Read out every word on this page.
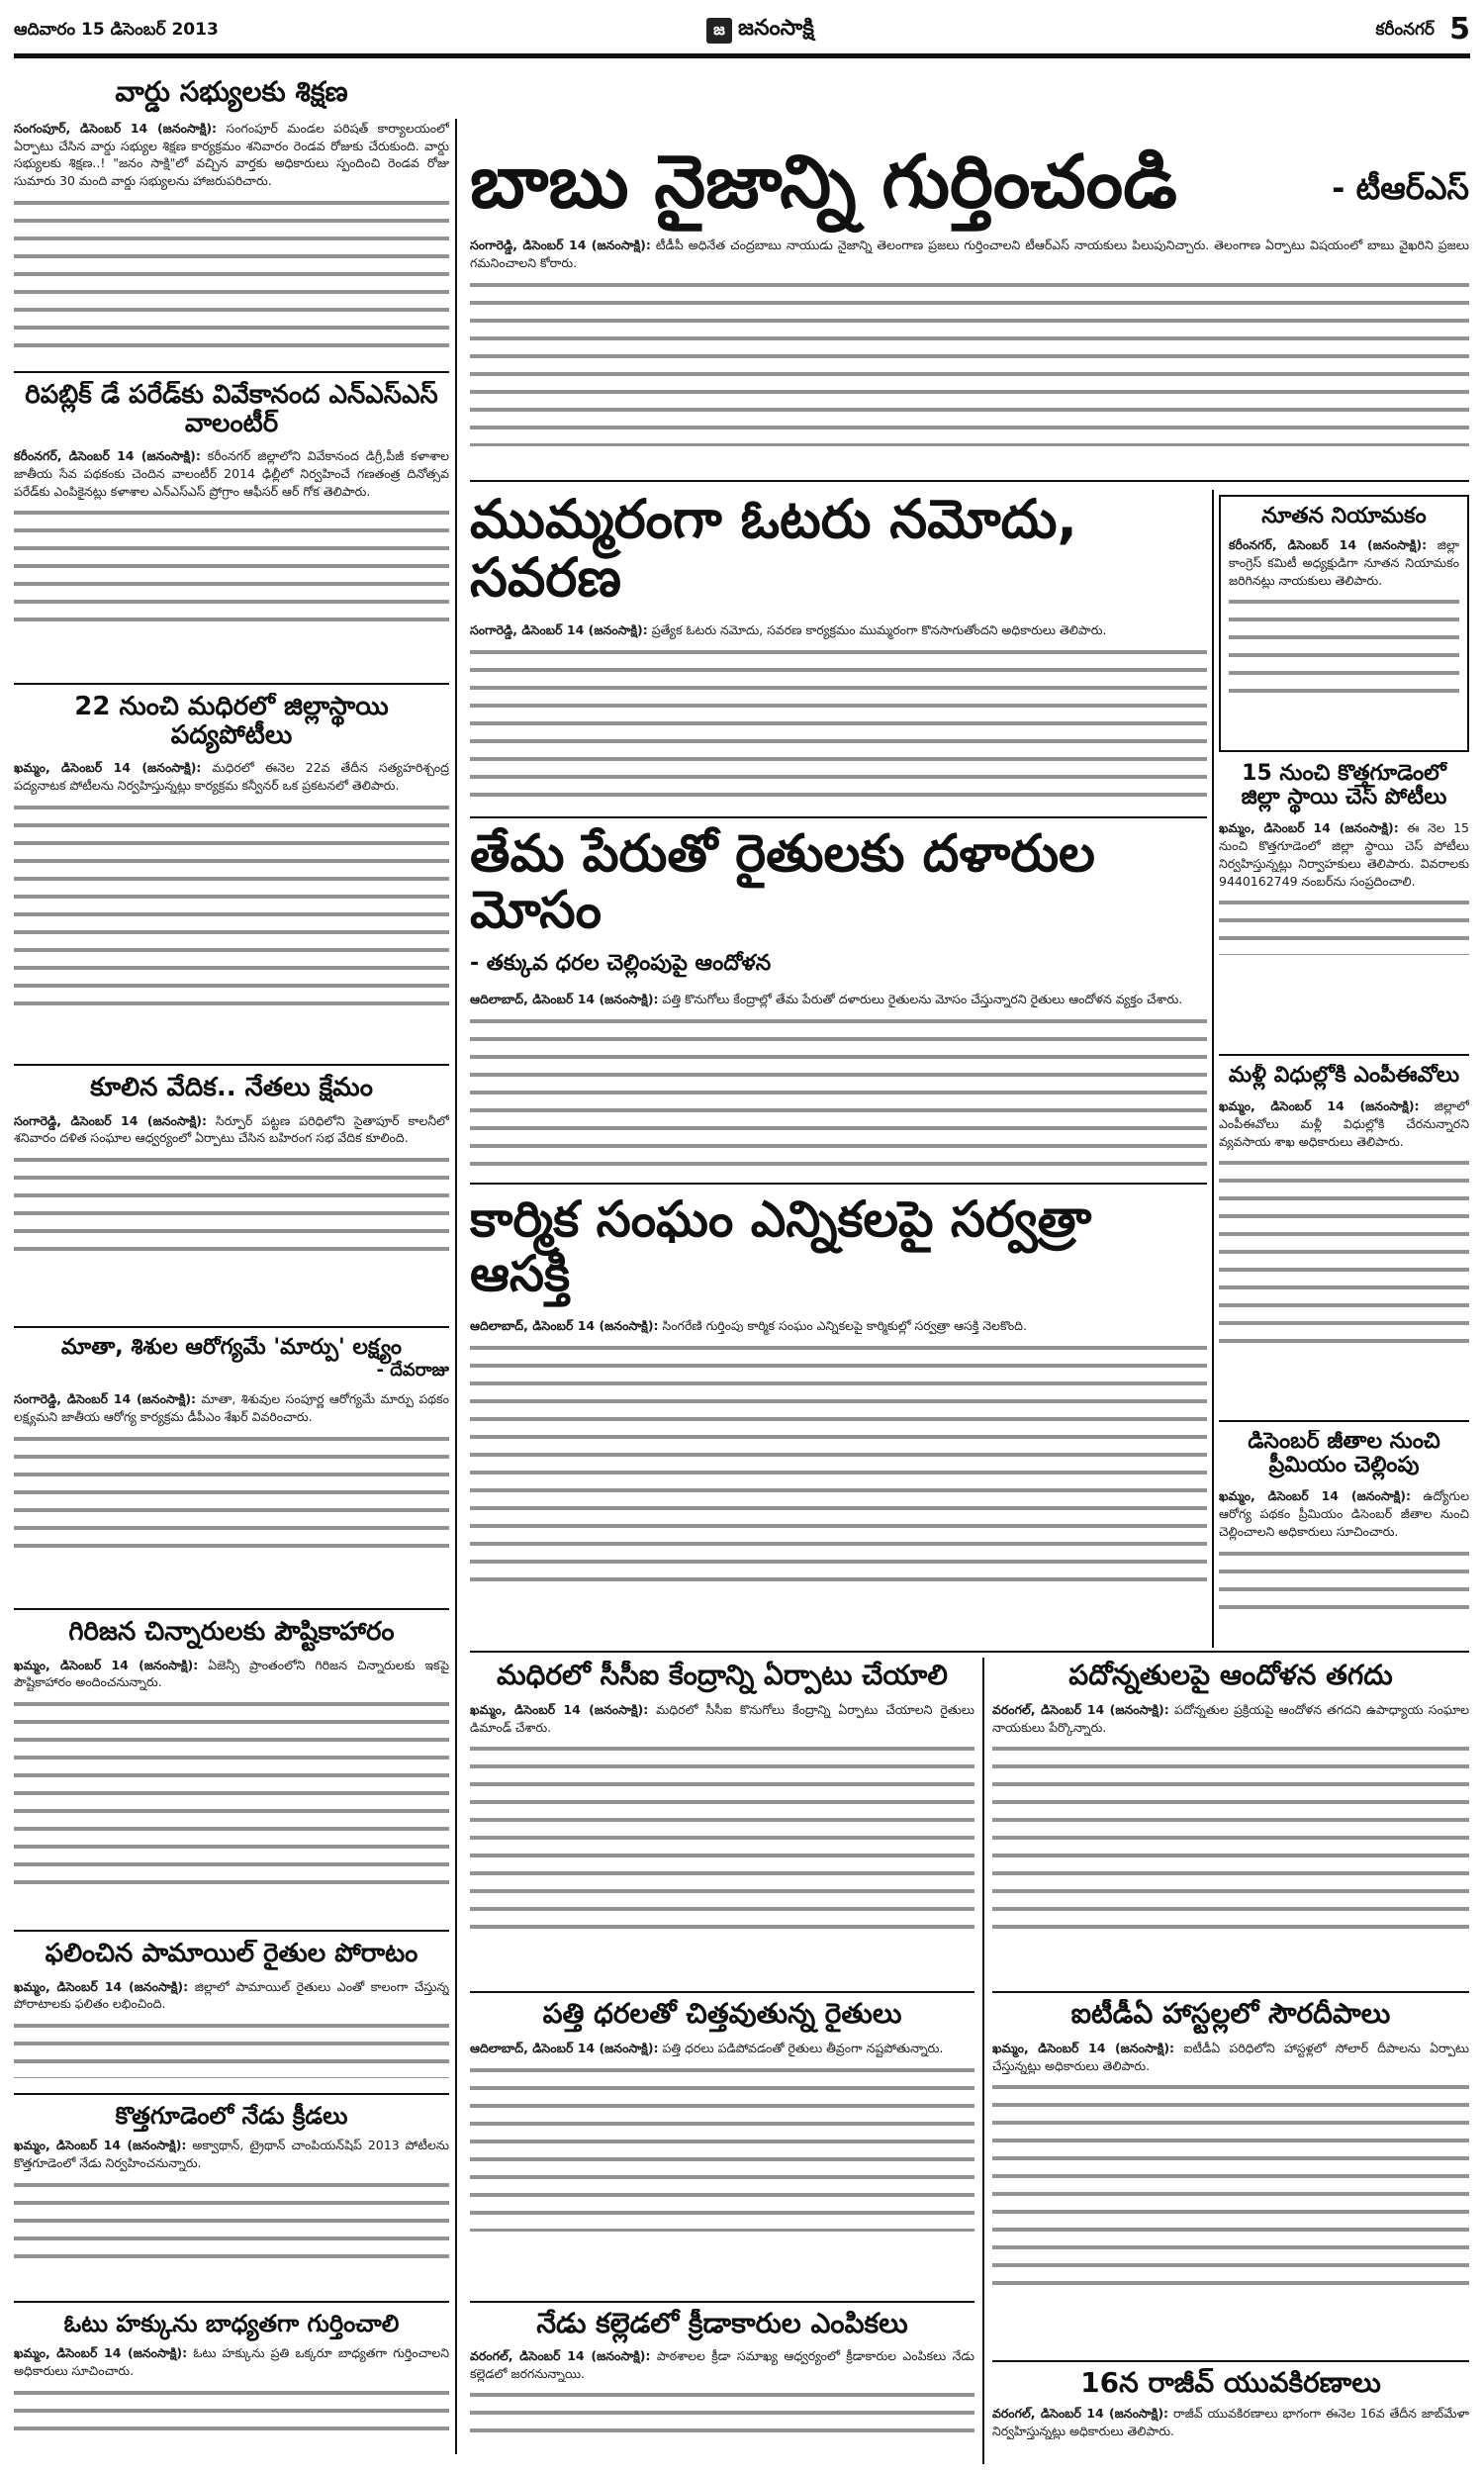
ఆదివారం 15 డిసెంబర్ 2013	జ జనంసాక్షి	కరీంనగర్ 5
వార్డు సభ్యులకు శిక్షణ
సంగంపూర్, డిసెంబర్ 14 (జనంసాక్షి): సంగంపూర్ మండల పరిషత్ కార్యాలయంలో ఏర్పాటు చేసిన వార్డు సభ్యుల శిక్షణ కార్యక్రమం శనివారం రెండవ రోజుకు చేరుకుంది. వార్డు సభ్యులకు శిక్షణ..! "జనం సాక్షి"లో వచ్చిన వార్తకు అధికారులు స్పందించి రెండవ రోజు సుమారు 30 మంది వార్డు సభ్యులను హాజరుపరిచారు.
రిపబ్లిక్ డే పరేడ్‌కు వివేకానంద ఎన్‌ఎస్‌ఎస్ వాలంటీర్
కరీంనగర్, డిసెంబర్ 14 (జనంసాక్షి): కరీంనగర్ జిల్లాలోని వివేకానంద డిగ్రీ,పీజీ కళాశాల జాతీయ సేవ పథకంకు చెందిన వాలంటీర్ 2014 ఢిల్లీలో నిర్వహించే గణతంత్ర దినోత్సవ పరేడ్‌కు ఎంపికైనట్లు కళాశాల ఎన్‌ఎస్‌ఎస్ ప్రోగ్రాం ఆఫీసర్ ఆర్ గోక తెలిపారు.
22 నుంచి మధిరలో జిల్లాస్థాయి పద్యపోటీలు
ఖమ్మం, డిసెంబర్ 14 (జనంసాక్షి): మధిరలో ఈనెల 22వ తేదీన సత్యహరిశ్చంద్ర పద్యనాటక పోటీలను నిర్వహిస్తున్నట్లు కార్యక్రమ కన్వీనర్ ఒక ప్రకటనలో తెలిపారు.
కూలిన వేదిక.. నేతలు క్షేమం
సంగారెడ్డి, డిసెంబర్ 14 (జనంసాక్షి): సిర్పూర్ పట్టణ పరిధిలోని సైతాపూర్ కాలనీలో శనివారం దళిత సంఘాల ఆధ్వర్యంలో ఏర్పాటు చేసిన బహిరంగ సభ వేదిక కూలింది.
మాతా, శిశుల ఆరోగ్యమే 'మార్పు' లక్ష్యం
- దేవరాజు
సంగారెడ్డి, డిసెంబర్ 14 (జనంసాక్షి): మాతా, శిశువుల సంపూర్ణ ఆరోగ్యమే మార్పు పథకం లక్ష్యమని జాతీయ ఆరోగ్య కార్యక్రమ డీపీఎం శేఖర్ వివరించారు.
గిరిజన చిన్నారులకు పౌష్టికాహారం
ఖమ్మం, డిసెంబర్ 14 (జనంసాక్షి): ఏజెన్సీ ప్రాంతంలోని గిరిజన చిన్నారులకు ఇకపై పౌష్టికాహారం అందించనున్నారు.
ఫలించిన పామాయిల్ రైతుల పోరాటం
ఖమ్మం, డిసెంబర్ 14 (జనంసాక్షి): జిల్లాలో పామాయిల్ రైతులు ఎంతో కాలంగా చేస్తున్న పోరాటాలకు ఫలితం లభించింది.
కొత్తగూడెంలో నేడు క్రీడలు
ఖమ్మం, డిసెంబర్ 14 (జనంసాక్షి): అక్వాథాన్, ట్రైథాన్ చాంపియన్‌షిప్ 2013 పోటీలను కొత్తగూడెంలో నేడు నిర్వహించనున్నారు.
ఓటు హక్కును బాధ్యతగా గుర్తించాలి
ఖమ్మం, డిసెంబర్ 14 (జనంసాక్షి): ఓటు హక్కును ప్రతి ఒక్కరూ బాధ్యతగా గుర్తించాలని అధికారులు సూచించారు.
బాబు నైజాన్ని గుర్తించండి	- టీఆర్ఎస్
సంగారెడ్డి, డిసెంబర్ 14 (జనంసాక్షి): టీడీపీ అధినేత చంద్రబాబు నాయుడు నైజాన్ని తెలంగాణ ప్రజలు గుర్తించాలని టీఆర్ఎస్ నాయకులు పిలుపునిచ్చారు. తెలంగాణ ఏర్పాటు విషయంలో బాబు వైఖరిని ప్రజలు గమనించాలని కోరారు.
ముమ్మరంగా ఓటరు నమోదు, సవరణ
సంగారెడ్డి, డిసెంబర్ 14 (జనంసాక్షి): ప్రత్యేక ఓటరు నమోదు, సవరణ కార్యక్రమం ముమ్మరంగా కొనసాగుతోందని అధికారులు తెలిపారు.
నూతన నియామకం
కరీంనగర్, డిసెంబర్ 14 (జనంసాక్షి): జిల్లా కాంగ్రెస్ కమిటీ అధ్యక్షుడిగా నూతన నియామకం జరిగినట్లు నాయకులు తెలిపారు.
15 నుంచి కొత్తగూడెంలో జిల్లా స్థాయి చెస్ పోటీలు
ఖమ్మం, డిసెంబర్ 14 (జనంసాక్షి): ఈ నెల 15 నుంచి కొత్తగూడెంలో జిల్లా స్థాయి చెస్ పోటీలు నిర్వహిస్తున్నట్లు నిర్వాహకులు తెలిపారు. వివరాలకు 9440162749 నంబర్‌ను సంప్రదించాలి.
మళ్లీ విధుల్లోకి ఎంపీఈవోలు
ఖమ్మం, డిసెంబర్ 14 (జనంసాక్షి): జిల్లాలో ఎంపీఈవోలు మళ్లీ విధుల్లోకి చేరనున్నారని వ్యవసాయ శాఖ అధికారులు తెలిపారు.
డిసెంబర్ జీతాల నుంచి ప్రీమియం చెల్లింపు
ఖమ్మం, డిసెంబర్ 14 (జనంసాక్షి): ఉద్యోగుల ఆరోగ్య పథకం ప్రీమియం డిసెంబర్ జీతాల నుంచి చెల్లించాలని అధికారులు సూచించారు.
తేమ పేరుతో రైతులకు దళారుల మోసం
- తక్కువ ధరల చెల్లింపుపై ఆందోళన
ఆదిలాబాద్, డిసెంబర్ 14 (జనంసాక్షి): పత్తి కొనుగోలు కేంద్రాల్లో తేమ పేరుతో దళారులు రైతులను మోసం చేస్తున్నారని రైతులు ఆందోళన వ్యక్తం చేశారు.
కార్మిక సంఘం ఎన్నికలపై సర్వత్రా ఆసక్తి
ఆదిలాబాద్, డిసెంబర్ 14 (జనంసాక్షి): సింగరేణి గుర్తింపు కార్మిక సంఘం ఎన్నికలపై కార్మికుల్లో సర్వత్రా ఆసక్తి నెలకొంది.
మధిరలో సీసీఐ కేంద్రాన్ని ఏర్పాటు చేయాలి
ఖమ్మం, డిసెంబర్ 14 (జనంసాక్షి): మధిరలో సీసీఐ కొనుగోలు కేంద్రాన్ని ఏర్పాటు చేయాలని రైతులు డిమాండ్ చేశారు.
పత్తి ధరలతో చిత్తవుతున్న రైతులు
ఆదిలాబాద్, డిసెంబర్ 14 (జనంసాక్షి): పత్తి ధరలు పడిపోవడంతో రైతులు తీవ్రంగా నష్టపోతున్నారు.
నేడు కల్లెడలో క్రీడాకారుల ఎంపికలు
వరంగల్, డిసెంబర్ 14 (జనంసాక్షి): పాఠశాలల క్రీడా సమాఖ్య ఆధ్వర్యంలో క్రీడాకారుల ఎంపికలు నేడు కల్లెడలో జరగనున్నాయి.
పదోన్నతులపై ఆందోళన తగదు
వరంగల్, డిసెంబర్ 14 (జనంసాక్షి): పదోన్నతుల ప్రక్రియపై ఆందోళన తగదని ఉపాధ్యాయ సంఘాల నాయకులు పేర్కొన్నారు.
ఐటీడీఏ హాస్టల్లలో సౌరదీపాలు
ఖమ్మం, డిసెంబర్ 14 (జనంసాక్షి): ఐటీడీఏ పరిధిలోని హాస్టళ్లలో సోలార్ దీపాలను ఏర్పాటు చేస్తున్నట్లు అధికారులు తెలిపారు.
16న రాజీవ్ యువకిరణాలు
వరంగల్, డిసెంబర్ 14 (జనంసాక్షి): రాజీవ్ యువకిరణాలు భాగంగా ఈనెల 16వ తేదీన జాబ్‌మేళా నిర్వహిస్తున్నట్లు అధికారులు తెలిపారు.
